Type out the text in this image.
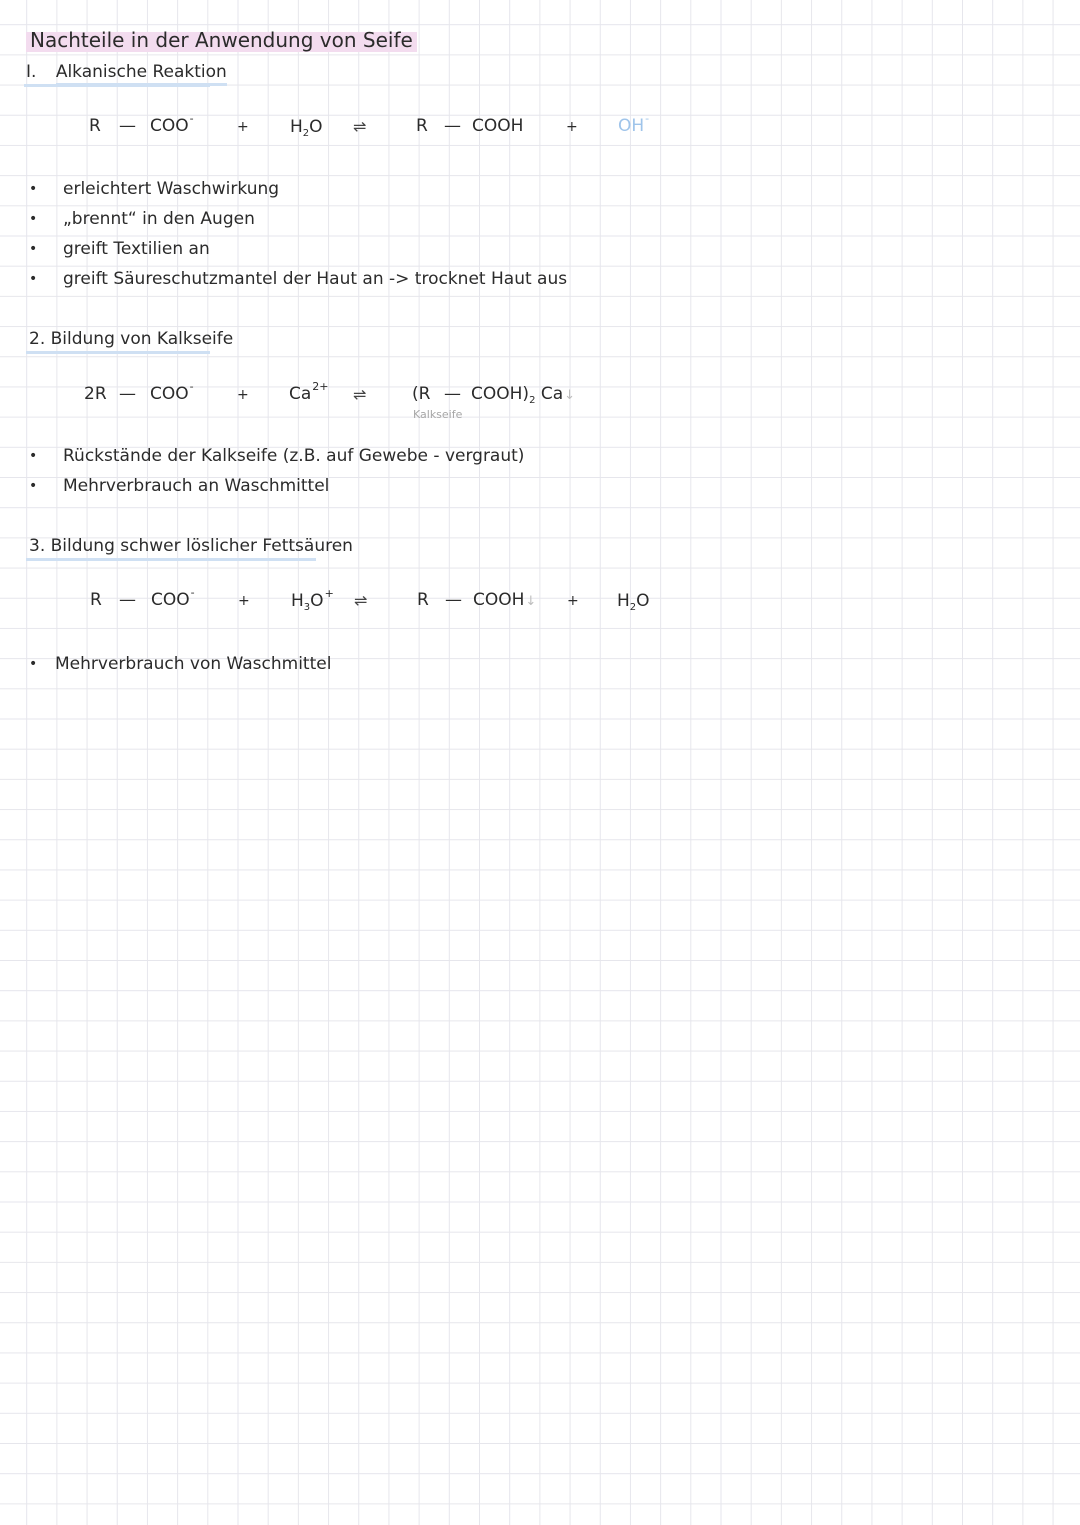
Nachteile in der Anwendung von Seife
I. Alkanische Reaktion
R — COO-
+ $H_2O$ ⇌	R — COOH	+ OH-
• erleichtert Waschwirkung
• „brennt“ in den Augen
• greift Textilien an
• greift Säureschutzmantel der Haut an -> trocknet Haut aus
2. Bildung von Kalkseife
2R — COO-
+ $Ca^{2+}$ ⇌	(R — $COOH)_2$ Ca↓
Kalkseife
• Rückstände der Kalkseife (z.B. auf Gewebe - vergraut)
• Mehrverbrauch an Waschmittel
3. Bildung schwer löslicher Fettsäuren
R — COO-
+ $H_3O^+$ ⇌	R — COOH↓ + $H_2O$
• Mehrverbrauch von Waschmittel
